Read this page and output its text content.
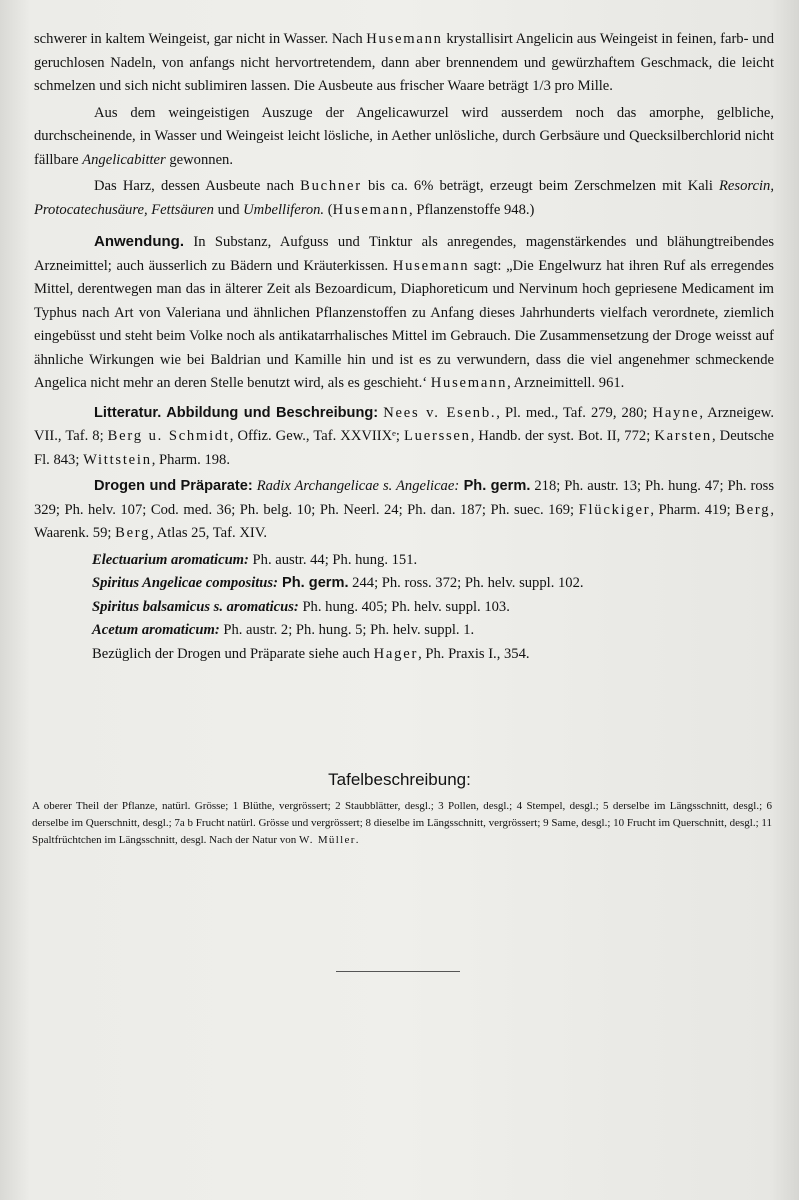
schwerer in kaltem Weingeist, gar nicht in Wasser. Nach Husemann krystallisirt Angelicin aus Weingeist in feinen, farb- und geruchlosen Nadeln, von anfangs nicht hervortretendem, dann aber brennendem und gewürzhaftem Geschmack, die leicht schmelzen und sich nicht sublimiren lassen. Die Ausbeute aus frischer Waare beträgt 1/3 pro Mille.

Aus dem weingeistigen Auszuge der Angelicawurzel wird ausserdem noch das amorphe, gelbliche, durchscheinende, in Wasser und Weingeist leicht lösliche, in Aether unlösliche, durch Gerbsäure und Quecksilberchlorid nicht fällbare Angelicabitter gewonnen.

Das Harz, dessen Ausbeute nach Buchner bis ca. 6% beträgt, erzeugt beim Zerschmelzen mit Kali Resorcin, Protocatechusäure, Fettsäuren und Umbelliferon. (Husemann, Pflanzenstoffe 948.)

Anwendung. In Substanz, Aufguss und Tinktur als anregendes, magenstärkendes und blähungtreibendes Arzneimittel; auch äusserlich zu Bädern und Kräuterkissen. Husemann sagt: „Die Engelwurz hat ihren Ruf als erregendes Mittel, derentwegen man das in älterer Zeit als Bezoardicum, Diaphoreticum und Nervinum hoch gepriesene Medicament im Typhus nach Art von Valeriana und ähnlichen Pflanzenstoffen zu Anfang dieses Jahrhunderts vielfach verordnete, ziemlich eingebüsst und steht beim Volke noch als antikatarrhalisches Mittel im Gebrauch. Die Zusammensetzung der Droge weisst auf ähnliche Wirkungen wie bei Baldrian und Kamille hin und ist es zu verwundern, dass die viel angenehmer schmeckende Angelica nicht mehr an deren Stelle benutzt wird, als es geschieht.‘ Husemann, Arzneimittell. 961.

Litteratur. Abbildung und Beschreibung: Nees v. Esenb., Pl. med., Taf. 279, 280; Hayne, Arzneigew. VII., Taf. 8; Berg u. Schmidt, Offiz. Gew., Taf. XXVIIXᵉ; Luerssen, Handb. der syst. Bot. II, 772; Karsten, Deutsche Fl. 843; Wittstein, Pharm. 198.

Drogen und Präparate: Radix Archangelicae s. Angelicae: Ph. germ. 218; Ph. austr. 13; Ph. hung. 47; Ph. ross 329; Ph. helv. 107; Cod. med. 36; Ph. belg. 10; Ph. Neerl. 24; Ph. dan. 187; Ph. suec. 169; Flückiger, Pharm. 419; Berg, Waarenk. 59; Berg, Atlas 25, Taf. XIV.

Electuarium aromaticum: Ph. austr. 44; Ph. hung. 151.

Spiritus Angelicae compositus: Ph. germ. 244; Ph. ross. 372; Ph. helv. suppl. 102.

Spiritus balsamicus s. aromaticus: Ph. hung. 405; Ph. helv. suppl. 103.

Acetum aromaticum: Ph. austr. 2; Ph. hung. 5; Ph. helv. suppl. 1.

Bezüglich der Drogen und Präparate siehe auch Hager, Ph. Praxis I., 354.

Tafelbeschreibung:
A oberer Theil der Pflanze, natürl. Grösse; 1 Blüthe, vergrössert; 2 Staubblätter, desgl.; 3 Pollen, desgl.; 4 Stempel, desgl.; 5 derselbe im Längsschnitt, desgl.; 6 derselbe im Querschnitt, desgl.; 7a b Frucht natürl. Grösse und vergrössert; 8 dieselbe im Längsschnitt, vergrössert; 9 Same, desgl.; 10 Frucht im Querschnitt, desgl.; 11 Spaltfrüchtchen im Längsschnitt, desgl. Nach der Natur von W. Müller.
